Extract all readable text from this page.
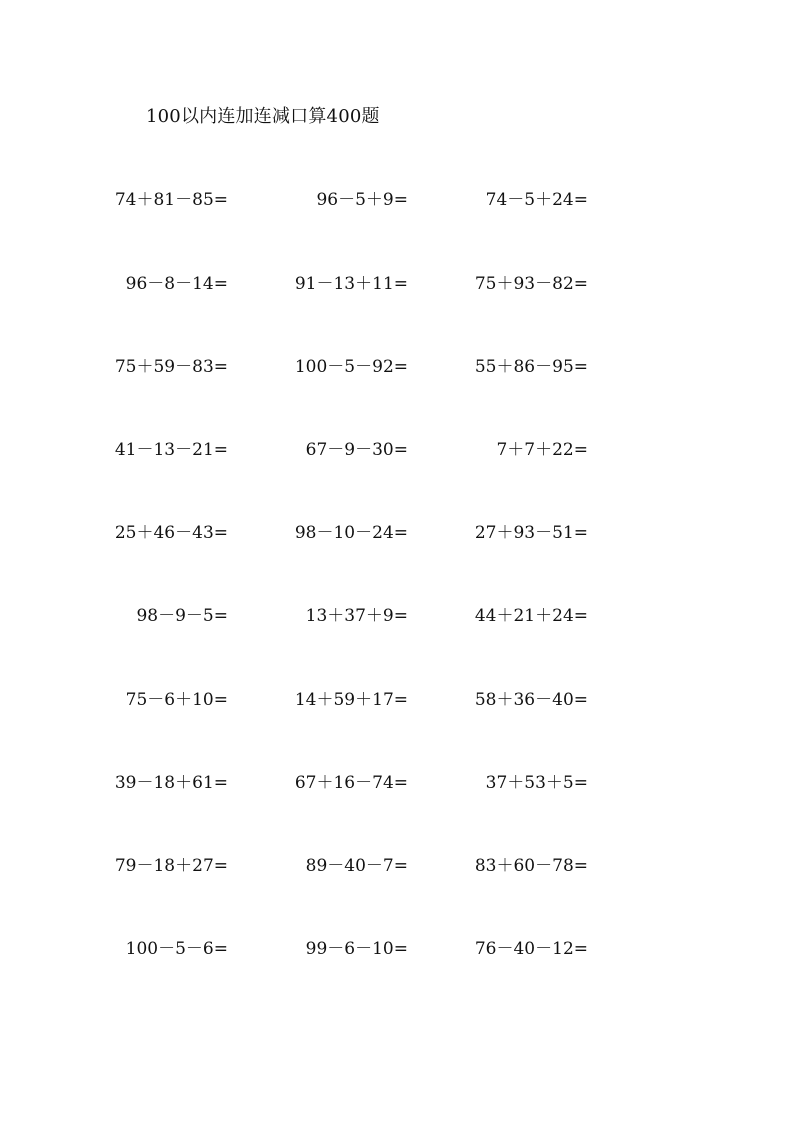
100以内连加连减口算400题
74＋81－85=	96－5＋9=	74－5＋24=
96－8－14=	91－13＋11=	75＋93－82=
75＋59－83=	100－5－92=	55＋86－95=
41－13－21=	67－9－30=	7＋7＋22=
25＋46－43=	98－10－24=	27＋93－51=
98－9－5=	13＋37＋9=	44＋21＋24=
75－6＋10=	14＋59＋17=	58＋36－40=
39－18＋61=	67＋16－74=	37＋53＋5=
79－18＋27=	89－40－7=	83＋60－78=
100－5－6=	99－6－10=	76－40－12=
